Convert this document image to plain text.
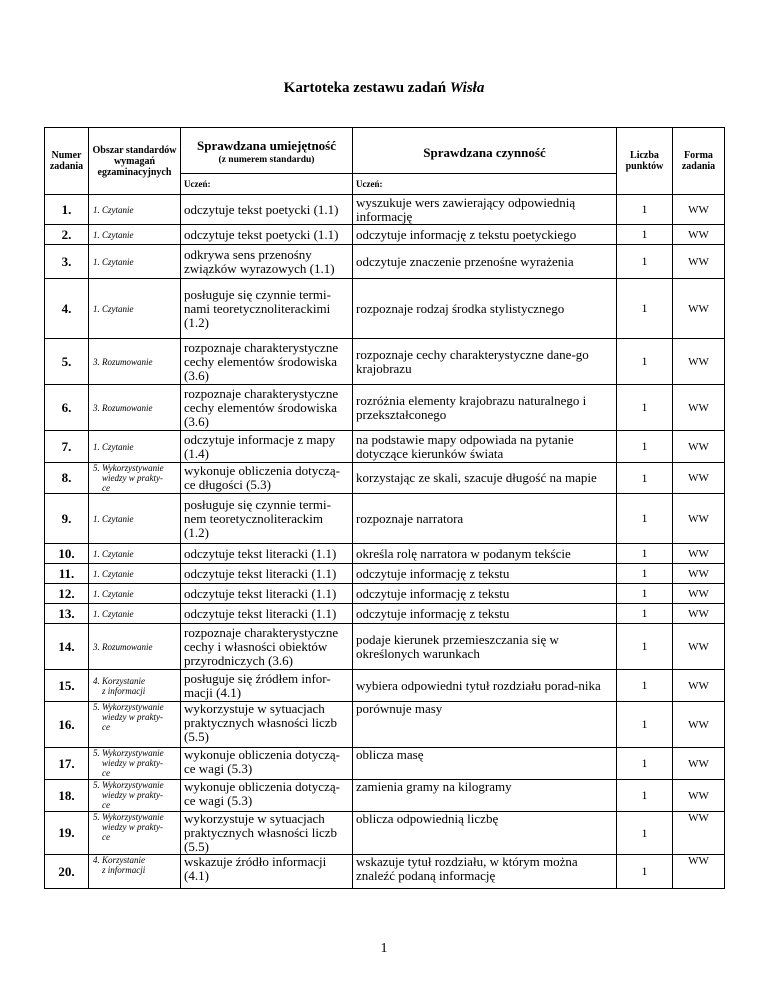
Kartoteka zestawu zadań Wisła
Numer zadania	Obszar standardów wymagań egzaminacyjnych	Sprawdzana umiejętność
(z numerem standardu)	Sprawdzana czynność	Liczba punktów	Forma zadania
		Uczeń:	Uczeń:		
1.	1. Czytanie	odczytuje tekst poetycki (1.1)	wyszukuje wers zawierający odpowiednią informację	1	WW
2.	1. Czytanie	odczytuje tekst poetycki (1.1)	odczytuje informację z tekstu poetyckiego	1	WW
3.	1. Czytanie	odkrywa sens przenośny związków wyrazowych (1.1)	odczytuje znaczenie przenośne wyrażenia	1	WW
4.	1. Czytanie	posługuje się czynnie termi-nami teoretycznoliterackimi (1.2)	rozpoznaje rodzaj środka stylistycznego	1	WW
5.	3. Rozumowanie	rozpoznaje charakterystyczne cechy elementów środowiska (3.6)	rozpoznaje cechy charakterystyczne dane-go krajobrazu	1	WW
6.	3. Rozumowanie	rozpoznaje charakterystyczne cechy elementów środowiska (3.6)	rozróżnia elementy krajobrazu naturalnego i przekształconego	1	WW
7.	1. Czytanie	odczytuje informacje z mapy (1.4)	na podstawie mapy odpowiada na pytanie dotyczące kierunków świata	1	WW
8.	5. Wykorzystywanie

wiedzy w prakty-
ce	wykonuje obliczenia dotyczą-ce długości (5.3)	korzystając ze skali, szacuje długość na mapie	1	WW
9.	1. Czytanie	posługuje się czynnie termi-nem teoretycznoliterackim (1.2)	rozpoznaje narratora	1	WW
10.	1. Czytanie	odczytuje tekst literacki (1.1)	określa rolę narratora w podanym tekście	1	WW
11.	1. Czytanie	odczytuje tekst literacki (1.1)	odczytuje informację z tekstu	1	WW
12.	1. Czytanie	odczytuje tekst literacki (1.1)	odczytuje informację z tekstu	1	WW
13.	1. Czytanie	odczytuje tekst literacki (1.1)	odczytuje informację z tekstu	1	WW
14.	3. Rozumowanie	rozpoznaje charakterystyczne cechy i własności obiektów przyrodniczych (3.6)	podaje kierunek przemieszczania się w określonych warunkach	1	WW
15.	4. Korzystanie

z informacji	posługuje się źródłem infor-macji (4.1)	wybiera odpowiedni tytuł rozdziału porad-nika	1	WW
16.	5. Wykorzystywanie

wiedzy w prakty-
ce	wykorzystuje w sytuacjach praktycznych własności liczb (5.5)	porównuje masy	1	WW
17.	5. Wykorzystywanie

wiedzy w prakty-
ce	wykonuje obliczenia dotyczą-ce wagi (5.3)	oblicza masę	1	WW
18.	5. Wykorzystywanie

wiedzy w prakty-
ce	wykonuje obliczenia dotyczą-ce wagi (5.3)	zamienia gramy na kilogramy	1	WW
19.	5. Wykorzystywanie

wiedzy w prakty-
ce	wykorzystuje w sytuacjach praktycznych własności liczb (5.5)	oblicza odpowiednią liczbę	1	WW
20.	4. Korzystanie

z informacji	wskazuje źródło informacji (4.1)	wskazuje tytuł rozdziału, w którym można znaleźć podaną informację	1	WW
1
